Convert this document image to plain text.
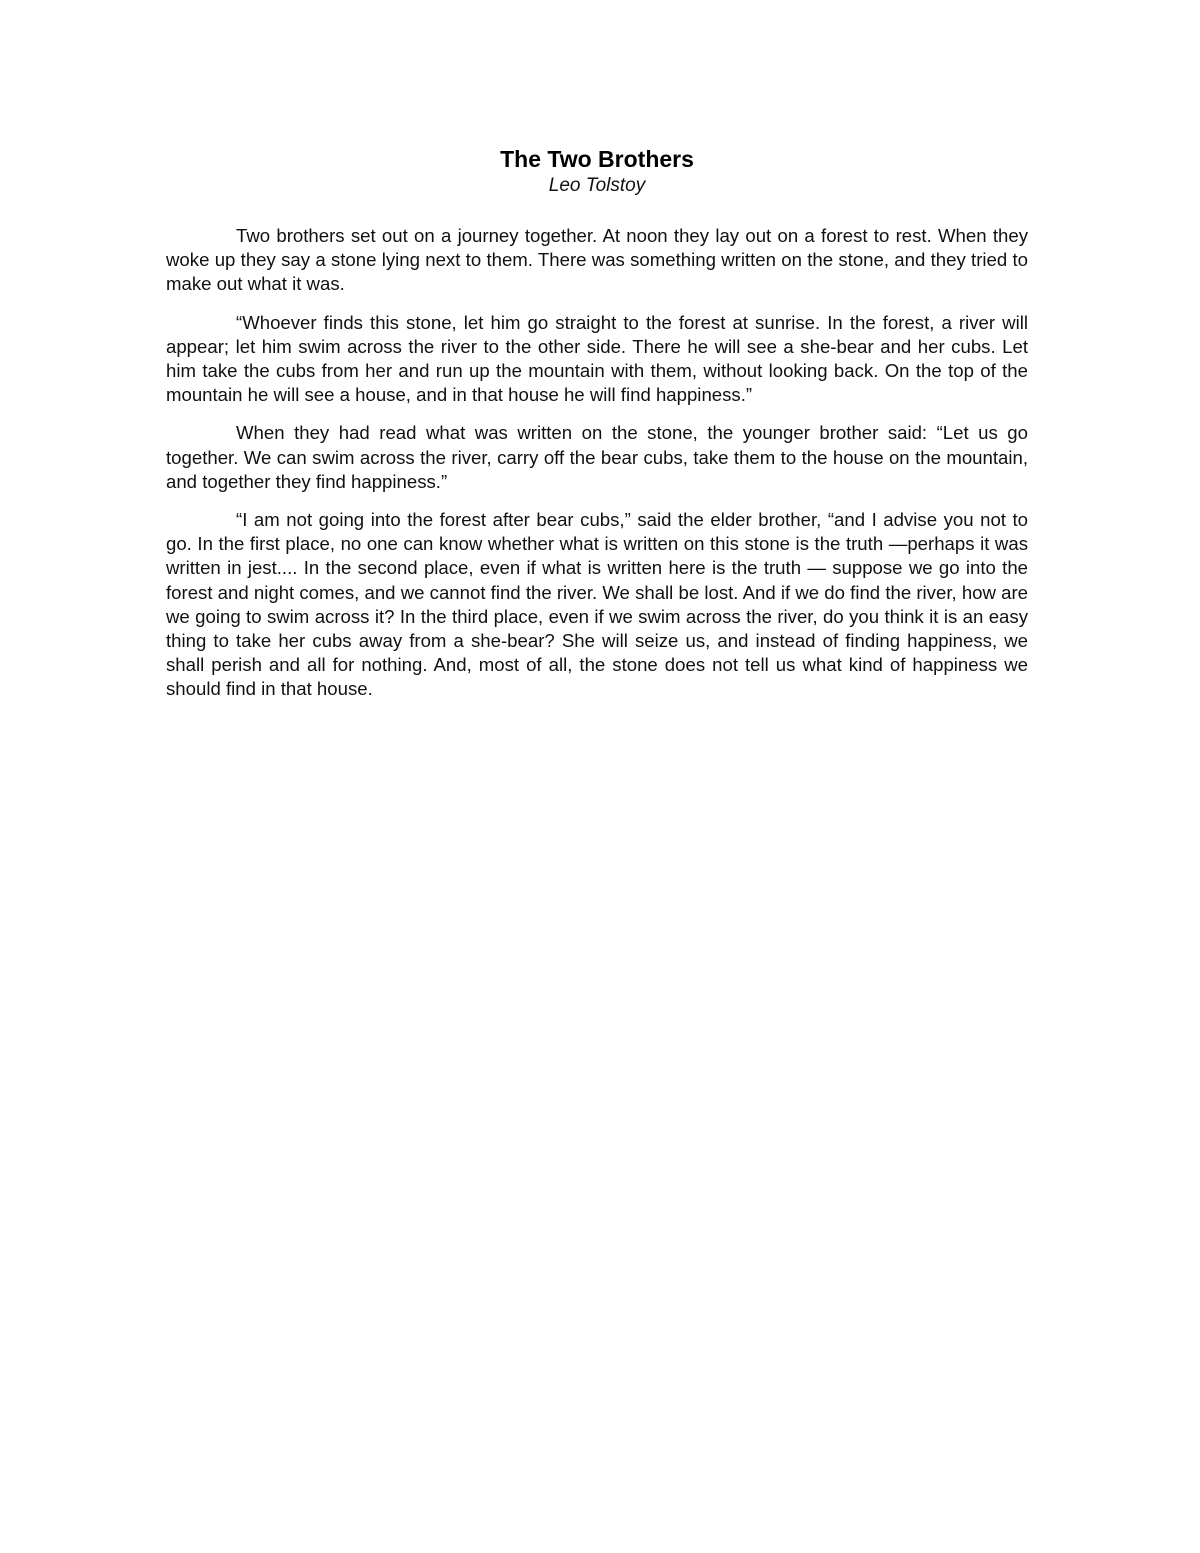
The Two Brothers

Leo Tolstoy

Two brothers set out on a journey together. At noon they lay out on a forest to rest. When they woke up they say a stone lying next to them. There was something written on the stone, and they tried to make out what it was.

“Whoever finds this stone, let him go straight to the forest at sunrise. In the forest, a river will appear; let him swim across the river to the other side. There he will see a she-bear and her cubs. Let him take the cubs from her and run up the mountain with them, without looking back. On the top of the mountain he will see a house, and in that house he will find happiness.”

When they had read what was written on the stone, the younger brother said: “Let us go together. We can swim across the river, carry off the bear cubs, take them to the house on the mountain, and together they find happiness.”

“I am not going into the forest after bear cubs,” said the elder brother, “and I advise you not to go. In the first place, no one can know whether what is written on this stone is the truth —perhaps it was written in jest.... In the second place, even if what is written here is the truth — suppose we go into the forest and night comes, and we cannot find the river. We shall be lost. And if we do find the river, how are we going to swim across it? In the third place, even if we swim across the river, do you think it is an easy thing to take her cubs away from a she-bear? She will seize us, and instead of finding happiness, we shall perish and all for nothing. And, most of all, the stone does not tell us what kind of happiness we should find in that house.
